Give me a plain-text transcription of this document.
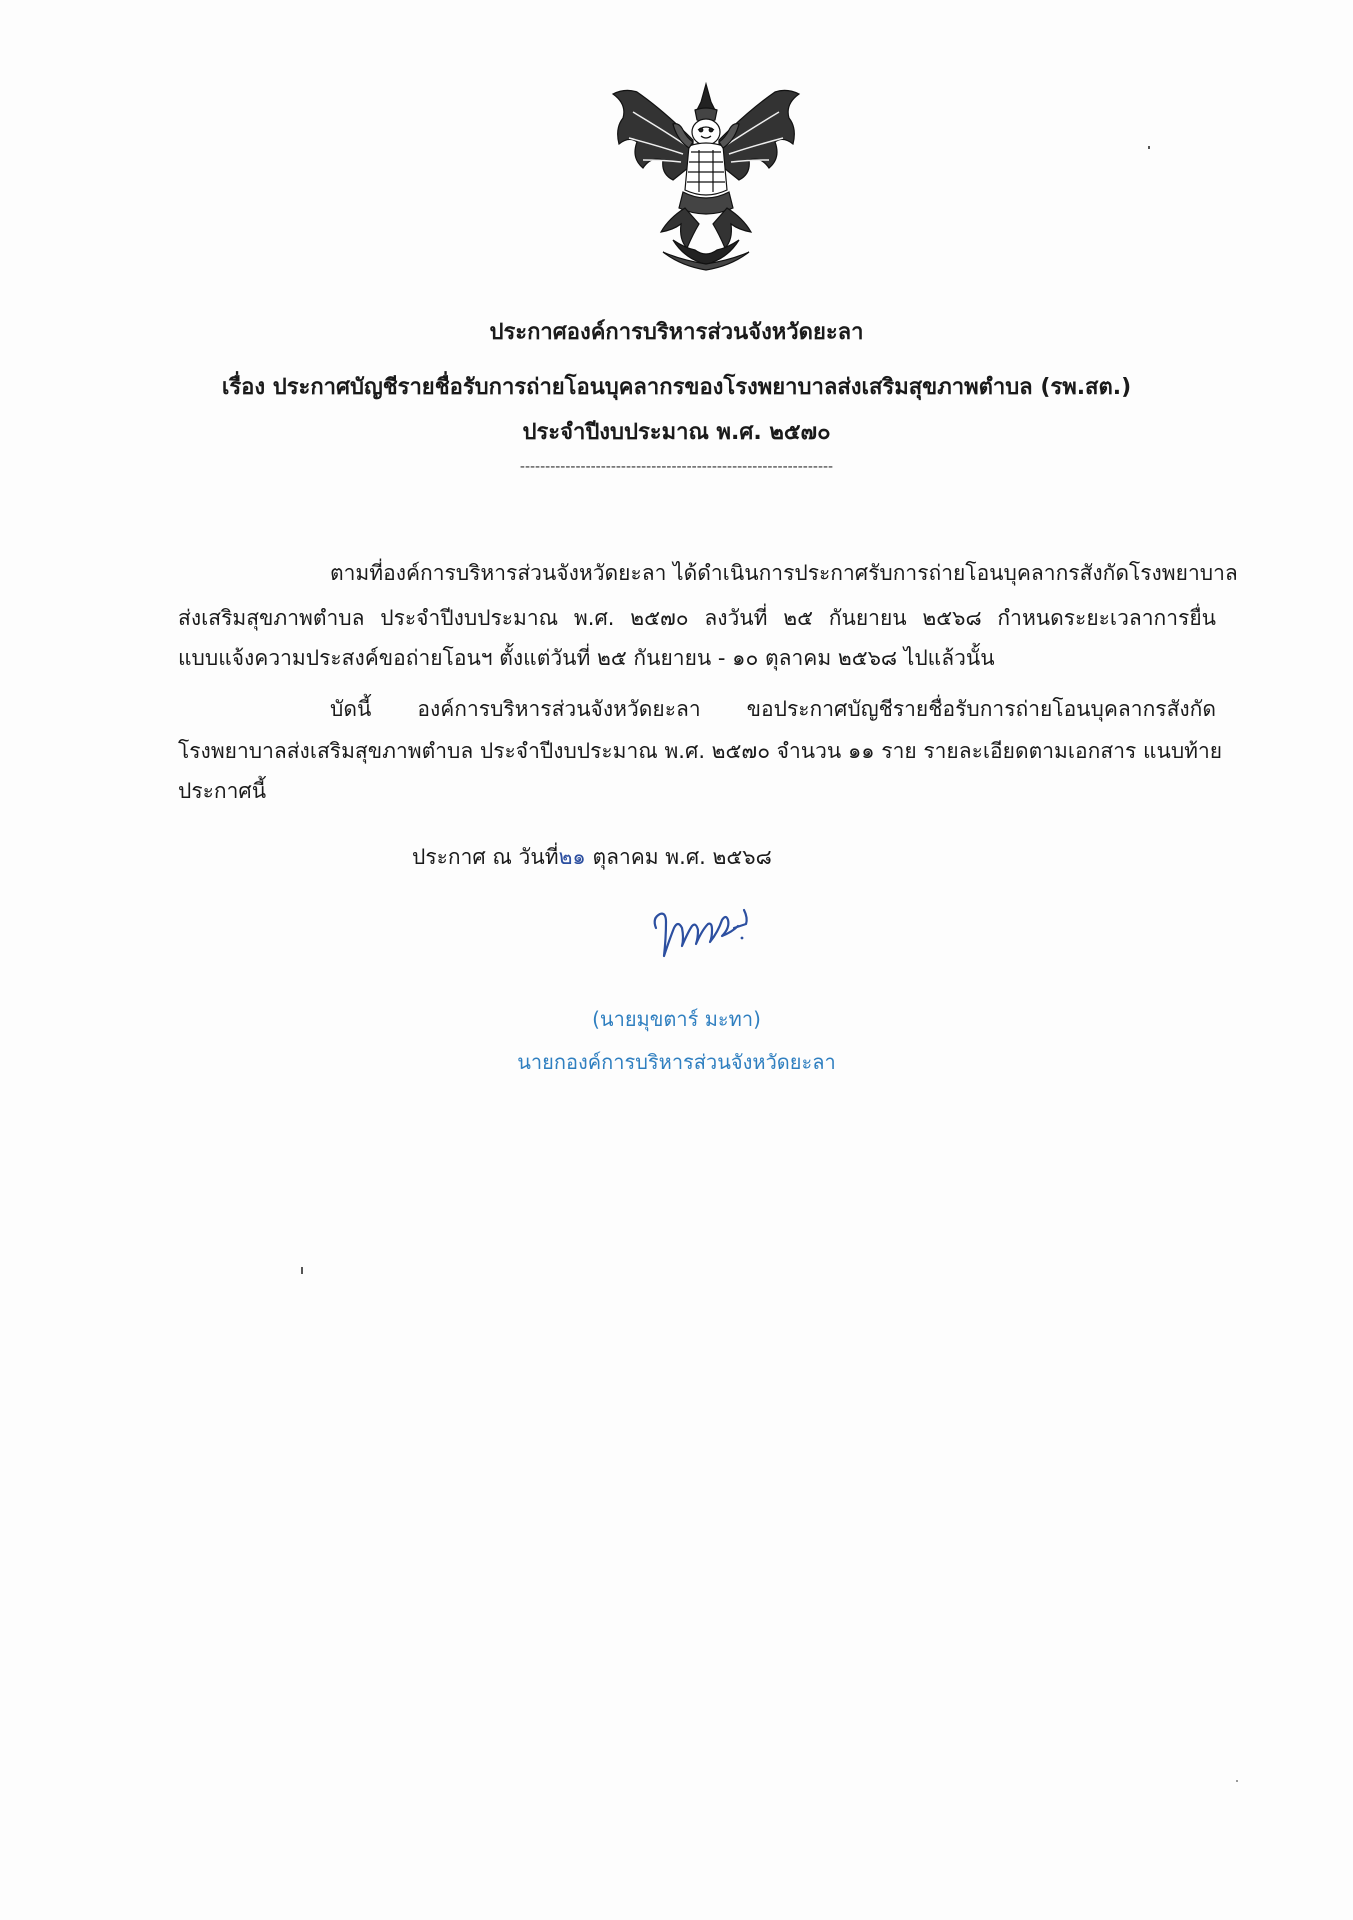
ประกาศองค์การบริหารส่วนจังหวัดยะลา
เรื่อง ประกาศบัญชีรายชื่อรับการถ่ายโอนบุคลากรของโรงพยาบาลส่งเสริมสุขภาพตำบล (รพ.สต.)
ประจำปีงบประมาณ พ.ศ. ๒๕๗๐
--------------------------------------------------------------
ตามที่องค์การบริหารส่วนจังหวัดยะลา ได้ดำเนินการประกาศรับการถ่ายโอนบุคลากรสังกัดโรงพยาบาล
ส่งเสริมสุขภาพตำบล ประจำปีงบประมาณ พ.ศ. ๒๕๗๐ ลงวันที่ ๒๕ กันยายน ๒๕๖๘ กำหนดระยะเวลาการยื่น
แบบแจ้งความประสงค์ขอถ่ายโอนฯ ตั้งแต่วันที่ ๒๕ กันยายน - ๑๐ ตุลาคม ๒๕๖๘ ไปแล้วนั้น
บัดนี้ องค์การบริหารส่วนจังหวัดยะลา ขอประกาศบัญชีรายชื่อรับการถ่ายโอนบุคลากรสังกัด
โรงพยาบาลส่งเสริมสุขภาพตำบล ประจำปีงบประมาณ พ.ศ. ๒๕๗๐ จำนวน ๑๑ ราย รายละเอียดตามเอกสาร แนบท้าย
ประกาศนี้
ประกาศ ณ วันที่๒๑ ตุลาคม พ.ศ. ๒๕๖๘
(นายมุขตาร์ มะทา)
นายกองค์การบริหารส่วนจังหวัดยะลา
